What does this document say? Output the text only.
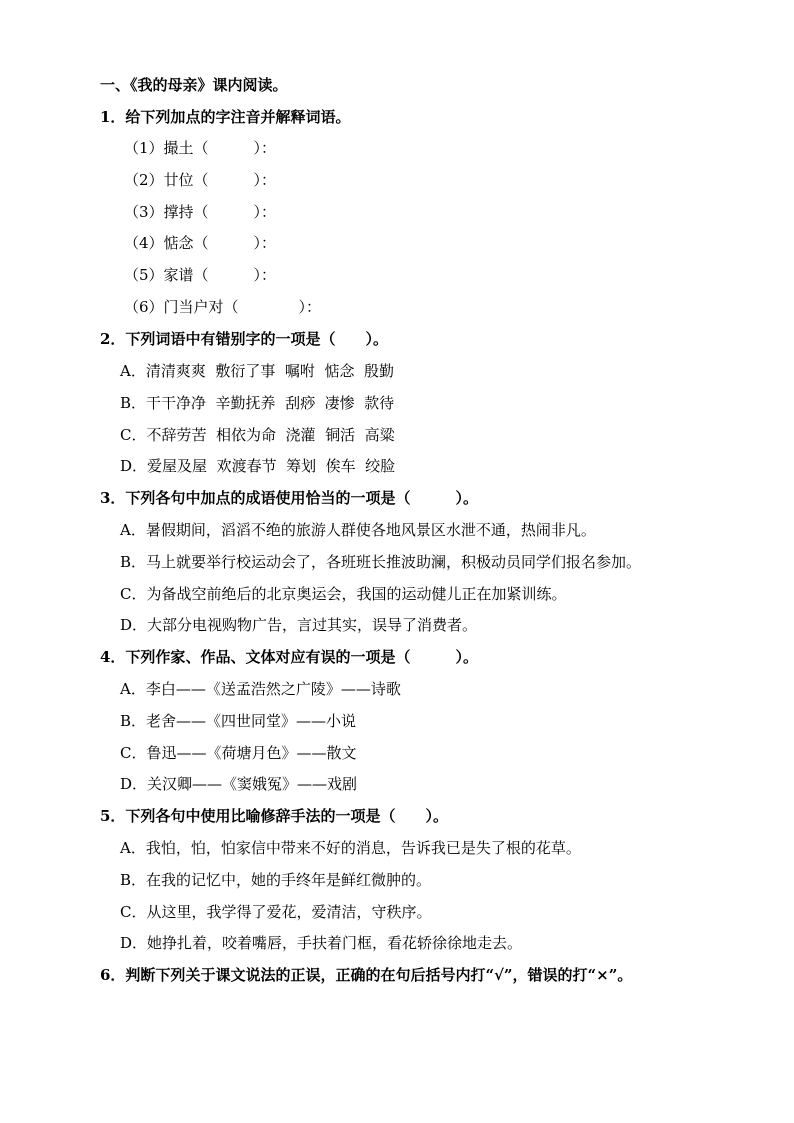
一、《我的母亲》课内阅读。
1．给下列加点的字注音并解释词语。
（1）撮土（　　　）：
（2）廿位（　　　）：
（3）撑持（　　　）：
（4）惦念（　　　）：
（5）家谱（　　　）：
（6）门当户对（　　　　）：
2．下列词语中有错别字的一项是（　　）。
A．清清爽爽  敷衍了事  嘱咐  惦念  殷勤
B．干干净净  辛勤抚养  刮痧  凄惨  款待
C．不辞劳苦  相依为命  浇灌  铜活  高粱
D．爱屋及屋  欢渡春节  筹划  俟车  绞脸
3．下列各句中加点的成语使用恰当的一项是（　　　）。
A．暑假期间，滔滔不绝的旅游人群使各地风景区水泄不通，热闹非凡。
B．马上就要举行校运动会了，各班班长推波助澜，积极动员同学们报名参加。
C．为备战空前绝后的北京奥运会，我国的运动健儿正在加紧训练。
D．大部分电视购物广告，言过其实，误导了消费者。
4．下列作家、作品、文体对应有误的一项是（　　　）。
A．李白——《送孟浩然之广陵》——诗歌
B．老舍——《四世同堂》——小说
C．鲁迅——《荷塘月色》——散文
D．关汉卿——《窦娥冤》——戏剧
5．下列各句中使用比喻修辞手法的一项是（　　）。
A．我怕，怕，怕家信中带来不好的消息，告诉我已是失了根的花草。
B．在我的记忆中，她的手终年是鲜红微肿的。
C．从这里，我学得了爱花，爱清洁，守秩序。
D．她挣扎着，咬着嘴唇，手扶着门框，看花轿徐徐地走去。
6．判断下列关于课文说法的正误，正确的在句后括号内打“√”，错误的打“×”。
